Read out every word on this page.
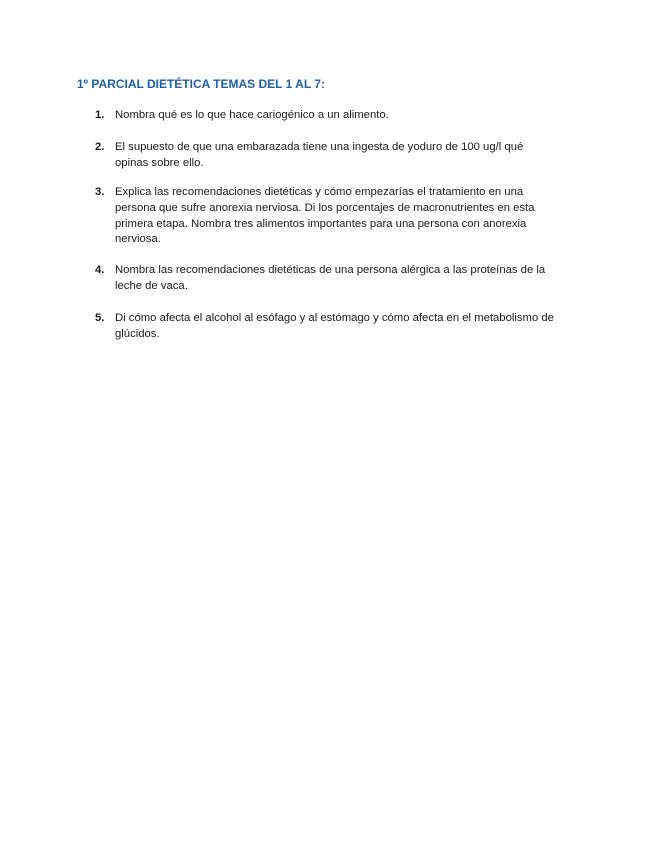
1º PARCIAL DIETÉTICA TEMAS DEL 1 AL 7:
1. Nombra qué es lo que hace cariogénico a un alimento.
2. El supuesto de que una embarazada tiene una ingesta de yoduro de 100 ug/l qué
opinas sobre ello.
3. Explica las recomendaciones dietéticas y cómo empezarías el tratamiento en una
persona que sufre anorexia nerviosa. Di los porcentajes de macronutrientes en esta
primera etapa. Nombra tres alimentos importantes para una persona con anorexia
nerviosa.
4. Nombra las recomendaciones dietéticas de una persona alérgica a las proteínas de la
leche de vaca.
5. Di cómo afecta el alcohol al esófago y al estómago y cómo afecta en el metabolismo de
glúcidos.
